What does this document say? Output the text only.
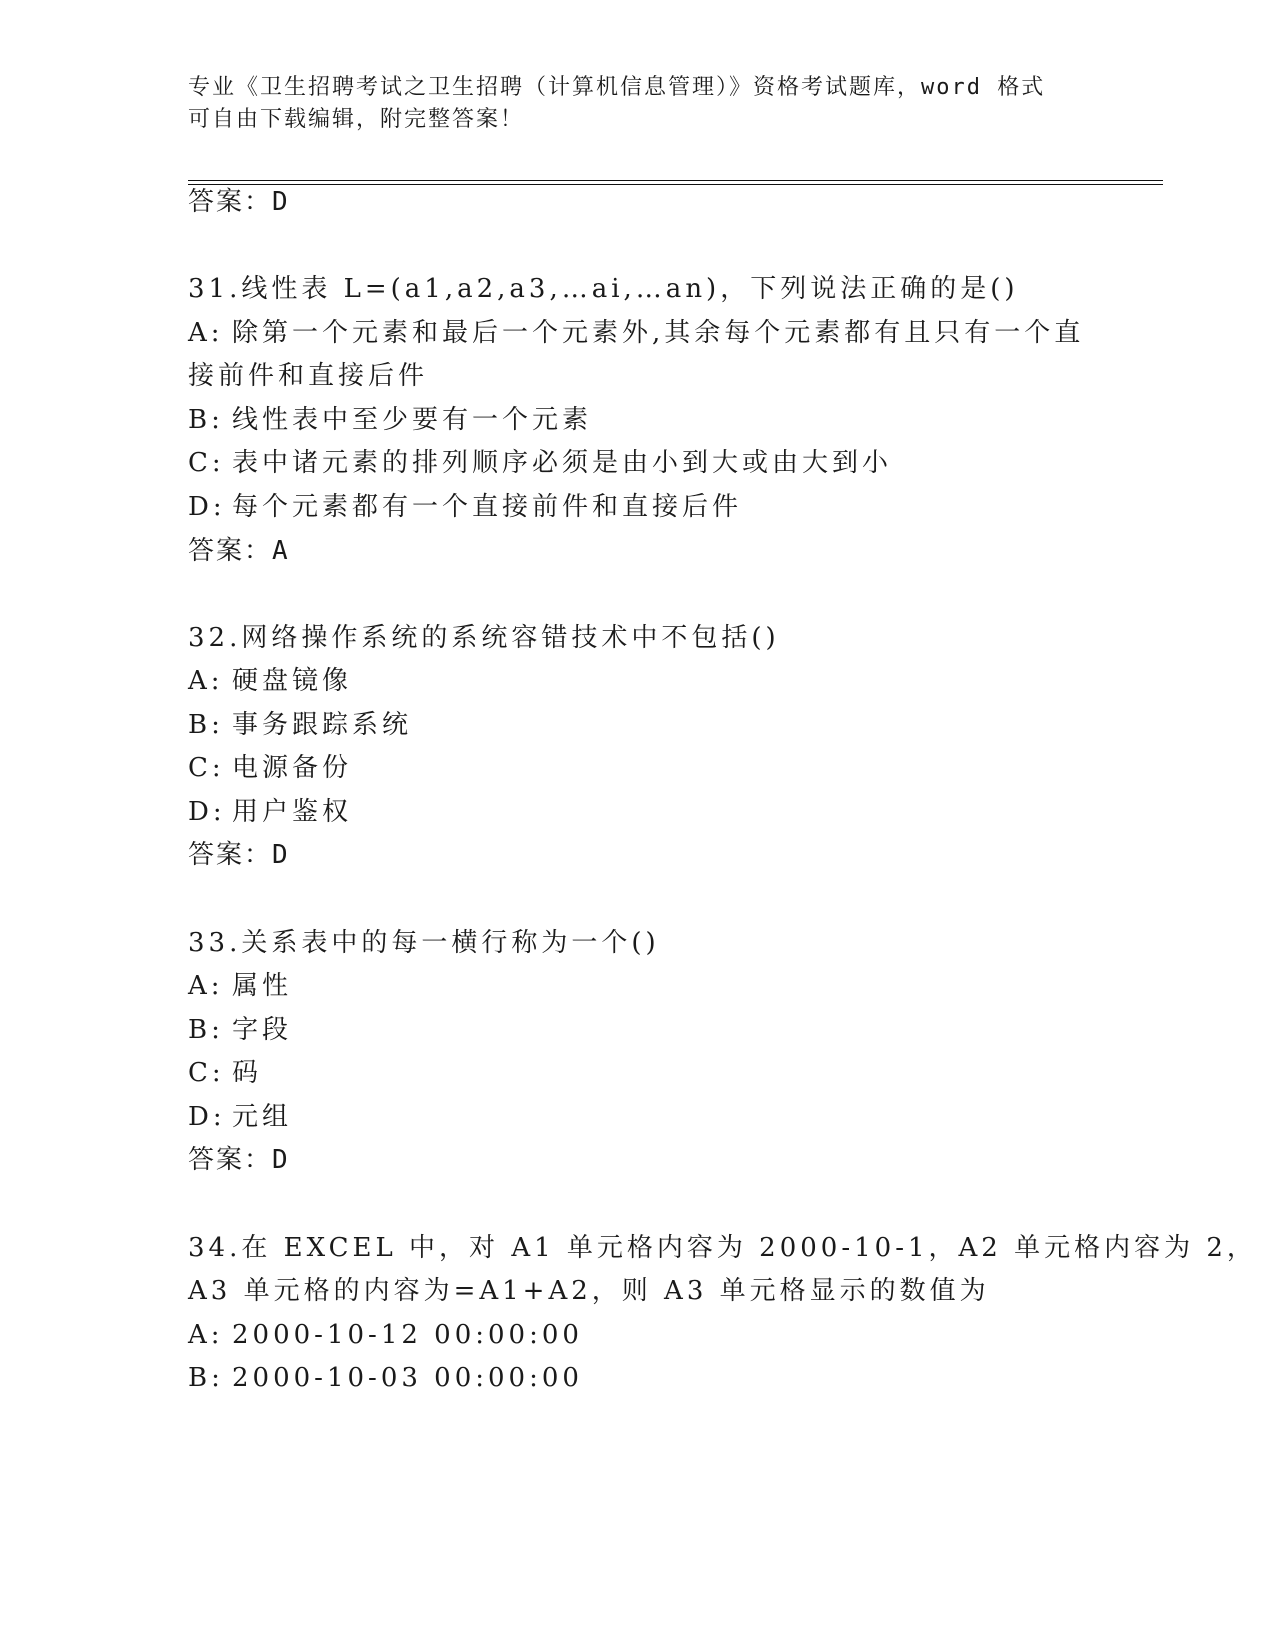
专业《卫生招聘考试之卫生招聘（计算机信息管理）》资格考试题库，word 格式
可自由下载编辑，附完整答案！
答案：D
31.线性表 L=(a1,a2,a3,…ai,…an)，下列说法正确的是()
A: 除第一个元素和最后一个元素外,其余每个元素都有且只有一个直
接前件和直接后件
B: 线性表中至少要有一个元素
C: 表中诸元素的排列顺序必须是由小到大或由大到小
D: 每个元素都有一个直接前件和直接后件
答案：A
32.网络操作系统的系统容错技术中不包括()
A: 硬盘镜像
B: 事务跟踪系统
C: 电源备份
D: 用户鉴权
答案：D
33.关系表中的每一横行称为一个()
A: 属性
B: 字段
C: 码
D: 元组
答案：D
34.在 EXCEL 中，对 A1 单元格内容为 2000-10-1，A2 单元格内容为 2，
A3 单元格的内容为=A1+A2，则 A3 单元格显示的数值为
A: 2000-10-12 00:00:00
B: 2000-10-03 00:00:00
